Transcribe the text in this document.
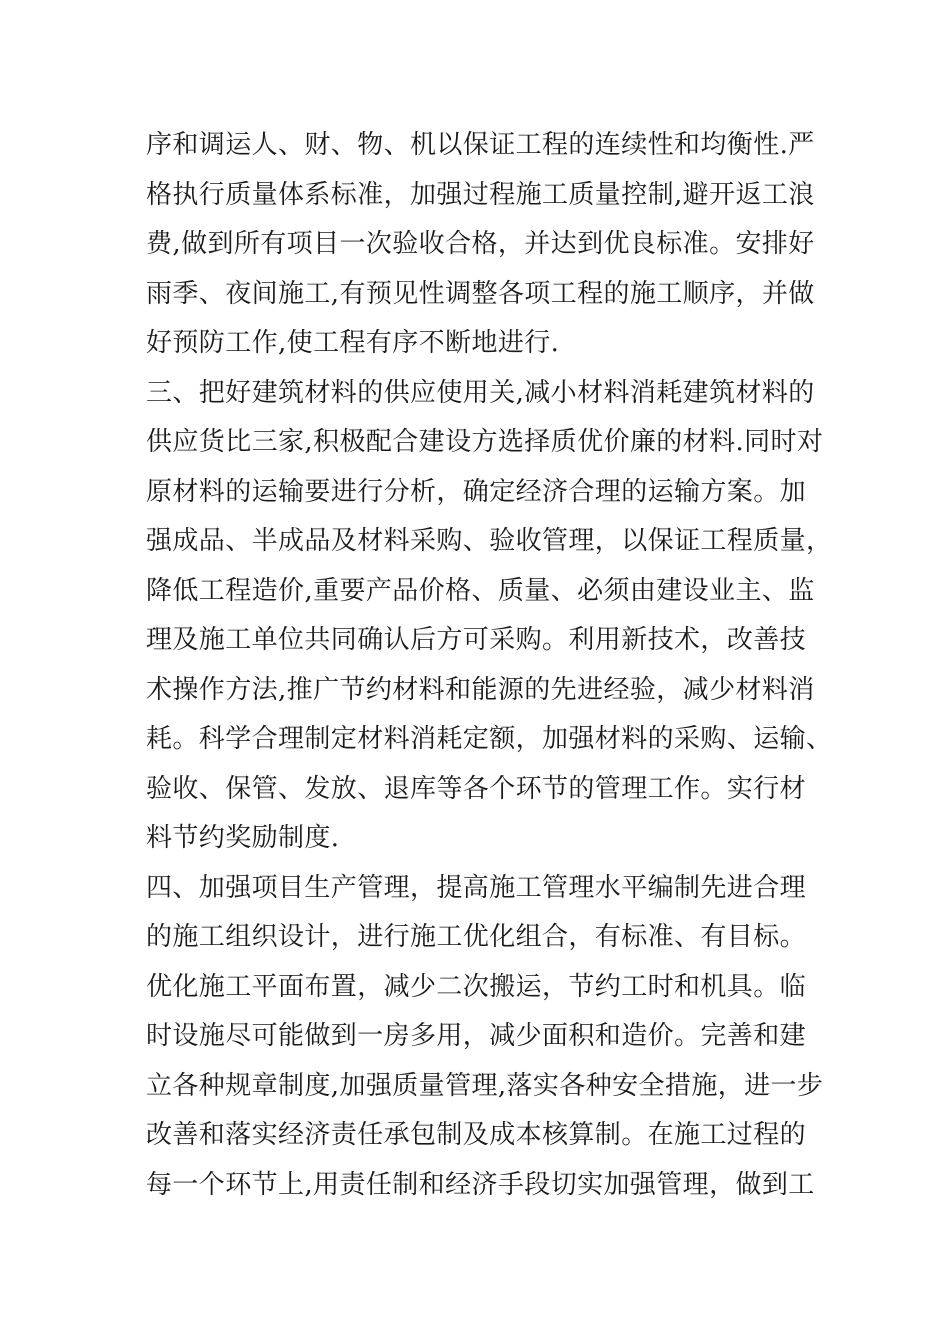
序和调运人、财、物、机以保证工程的连续性和均衡性.严
格执行质量体系标准，加强过程施工质量控制,避开返工浪
费,做到所有项目一次验收合格，并达到优良标准。安排好
雨季、夜间施工,有预见性调整各项工程的施工顺序，并做
好预防工作,使工程有序不断地进行.
三、把好建筑材料的供应使用关,减小材料消耗建筑材料的
供应货比三家,积极配合建设方选择质优价廉的材料.同时对
原材料的运输要进行分析，确定经济合理的运输方案。加
强成品、半成品及材料采购、验收管理，以保证工程质量，
降低工程造价,重要产品价格、质量、必须由建设业主、监
理及施工单位共同确认后方可采购。利用新技术，改善技
术操作方法,推广节约材料和能源的先进经验，减少材料消
耗。科学合理制定材料消耗定额，加强材料的采购、运输、
验收、保管、发放、退库等各个环节的管理工作。实行材
料节约奖励制度.
四、加强项目生产管理，提高施工管理水平编制先进合理
的施工组织设计，进行施工优化组合，有标准、有目标。
优化施工平面布置，减少二次搬运，节约工时和机具。临
时设施尽可能做到一房多用，减少面积和造价。完善和建
立各种规章制度,加强质量管理,落实各种安全措施，进一步
改善和落实经济责任承包制及成本核算制。在施工过程的
每一个环节上,用责任制和经济手段切实加强管理，做到工
